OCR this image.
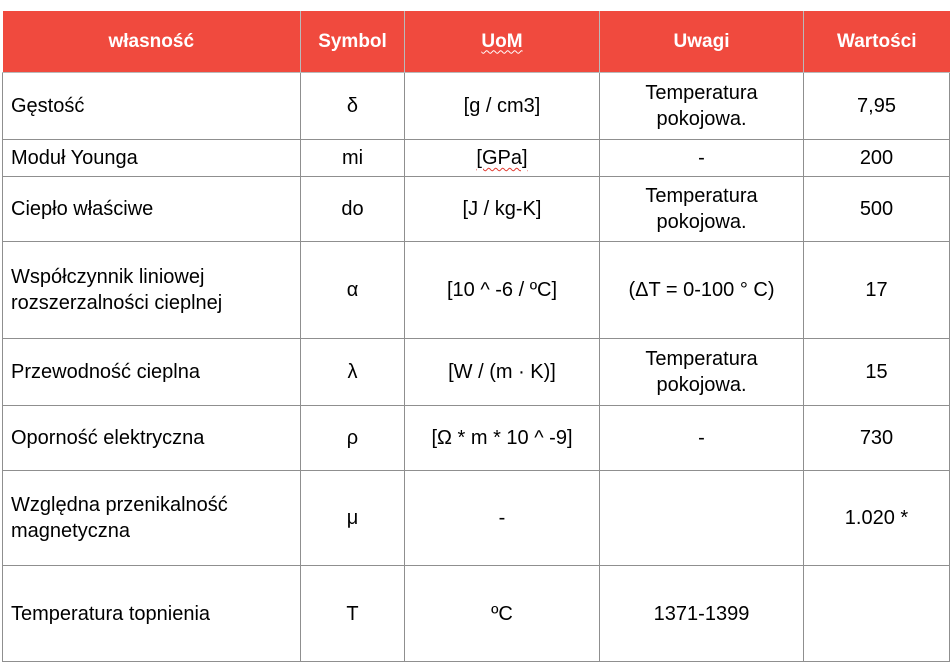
własność	Symbol	UoM	Uwagi	Wartości
Gęstość	δ	[g / cm3]	Temperatura pokojowa.	7,95
Moduł Younga	mi	[GPa]	-	200
Ciepło właściwe	do	[J / kg-K]	Temperatura pokojowa.	500
Współczynnik liniowej rozszerzalności cieplnej	α	[10 ^ -6 / ºC]	(ΔT = 0-100 ° C)	17
Przewodność cieplna	λ	[W / (m · K)]	Temperatura pokojowa.	15
Oporność elektryczna	ρ	[Ω * m * 10 ^ -9]	-	730
Względna przenikalność magnetyczna	μ	-		1.020 *
Temperatura topnienia	T	ºC	1371-1399	
